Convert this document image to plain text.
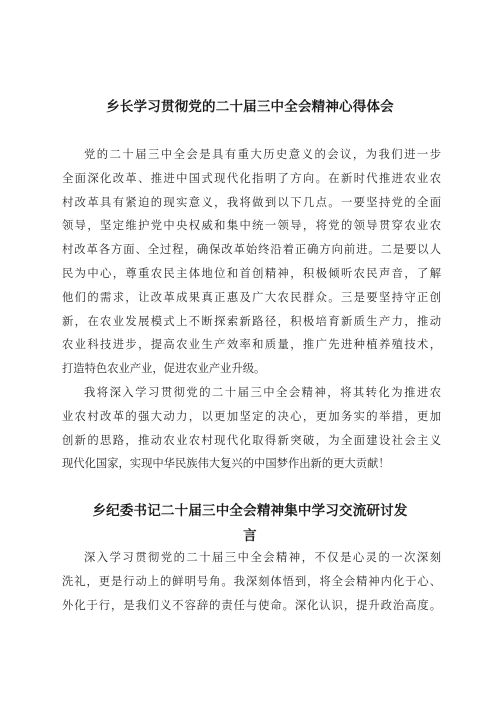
乡长学习贯彻党的二十届三中全会精神心得体会
党的二十届三中全会是具有重大历史意义的会议，为我们进一步
全面深化改革、推进中国式现代化指明了方向。在新时代推进农业农
村改革具有紧迫的现实意义，我将做到以下几点。一要坚持党的全面
领导，坚定维护党中央权威和集中统一领导，将党的领导贯穿农业农
村改革各方面、全过程，确保改革始终沿着正确方向前进。二是要以人
民为中心，尊重农民主体地位和首创精神，积极倾听农民声音，了解
他们的需求，让改革成果真正惠及广大农民群众。三是要坚持守正创
新，在农业发展模式上不断探索新路径，积极培育新质生产力，推动
农业科技进步，提高农业生产效率和质量，推广先进种植养殖技术，
打造特色农业产业，促进农业产业升级。
我将深入学习贯彻党的二十届三中全会精神，将其转化为推进农
业农村改革的强大动力，以更加坚定的决心，更加务实的举措，更加
创新的思路，推动农业农村现代化取得新突破，为全面建设社会主义
现代化国家，实现中华民族伟大复兴的中国梦作出新的更大贡献！
乡纪委书记二十届三中全会精神集中学习交流研讨发
言
深入学习贯彻党的二十届三中全会精神，不仅是心灵的一次深刻
洗礼，更是行动上的鲜明号角。我深刻体悟到，将全会精神内化于心、
外化于行，是我们义不容辞的责任与使命。深化认识，提升政治高度。
